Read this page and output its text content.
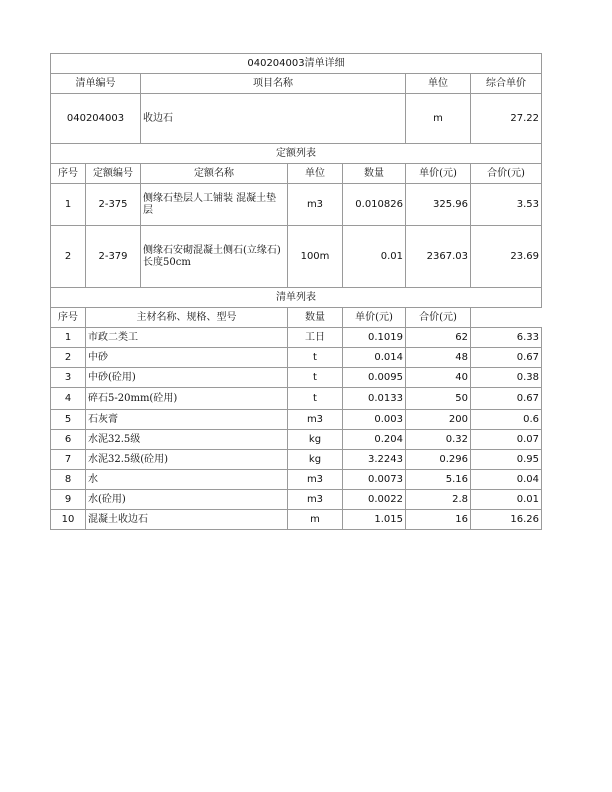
040204003清单详细						
清单编号		项目名称			单位	综合单价
040204003		收边石			m	27.22
定额列表						
序号	定额编号	定额名称	单位	数量	单价(元)	合价(元)
1	2-375	侧缘石垫层人工铺装 混凝土垫层	m3	0.010826	325.96	3.53
2	2-379	侧缘石安砌混凝土侧石(立缘石) 长度50cm	100m	0.01	2367.03	23.69
清单列表						
序号	主材名称、规格、型号		数量	单价(元)	合价(元)	
1	市政二类工		工日	0.1019	62	6.33
2	中砂		t	0.014	48	0.67
3	中砂(砼用)		t	0.0095	40	0.38
4	碎石5-20mm(砼用)		t	0.0133	50	0.67
5	石灰膏		m3	0.003	200	0.6
6	水泥32.5级		kg	0.204	0.32	0.07
7	水泥32.5级(砼用)		kg	3.2243	0.296	0.95
8	水		m3	0.0073	5.16	0.04
9	水(砼用)		m3	0.0022	2.8	0.01
10	混凝土收边石		m	1.015	16	16.26
